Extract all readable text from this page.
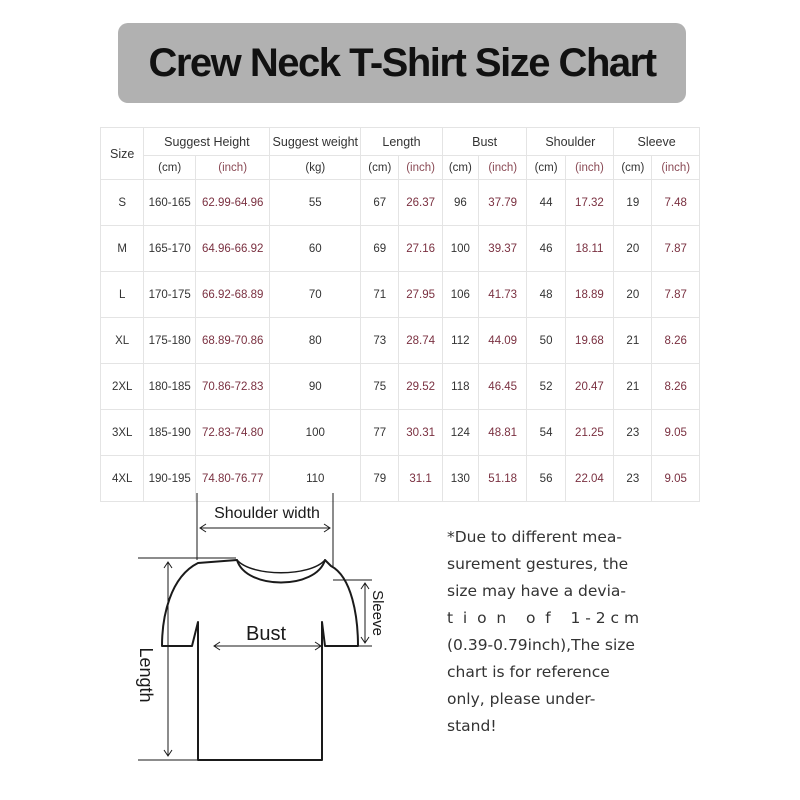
Crew Neck T-Shirt Size Chart
Size	Suggest Height		Suggest weight	Length		Bust		Shoulder		Sleeve	
	(cm)	(inch)	(kg)	(cm)	(inch)	(cm)	(inch)	(cm)	(inch)	(cm)	(inch)
S	160-165	62.99-64.96	55	67	26.37	96	37.79	44	17.32	19	7.48
M	165-170	64.96-66.92	60	69	27.16	100	39.37	46	18.11	20	7.87
L	170-175	66.92-68.89	70	71	27.95	106	41.73	48	18.89	20	7.87
XL	175-180	68.89-70.86	80	73	28.74	112	44.09	50	19.68	21	8.26
2XL	180-185	70.86-72.83	90	75	29.52	118	46.45	52	20.47	21	8.26
3XL	185-190	72.83-74.80	100	77	30.31	124	48.81	54	21.25	23	9.05
4XL	190-195	74.80-76.77	110	79	31.1	130	51.18	56	22.04	23	9.05
Shoulder width
Bust
Length
Sleeve
*Due to different mea-
surement gestures, the
size may have a devia-
t  i  o  n    o  f    1 - 2 c m
(0.39-0.79inch),The size
chart is for reference
only, please under-
stand!
